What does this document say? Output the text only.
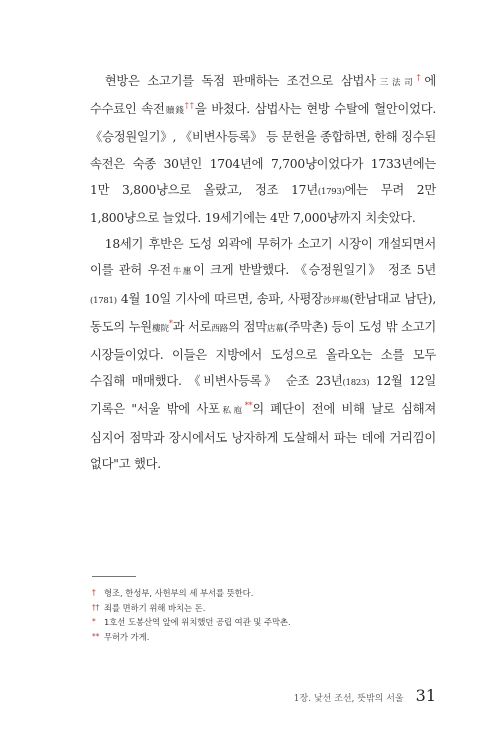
현방은 소고기를 독점 판매하는 조건으로 삼법사三法司†에 수수료인 속전贖錢††을 바쳤다. 삼법사는 현방 수탈에 혈안이었다. 《승정원일기》, 《비변사등록》 등 문헌을 종합하면, 한해 징수된 속전은 숙종 30년인 1704년에 7,700냥이었다가 1733년에는 1만 3,800냥으로 올랐고, 정조 17년(1793)에는 무려 2만 1,800냥으로 늘었다. 19세기에는 4만 7,000냥까지 치솟았다.

18세기 후반은 도성 외곽에 무허가 소고기 시장이 개설되면서 이를 관허 우전牛廛이 크게 반발했다. 《승정원일기》 정조 5년(1781) 4월 10일 기사에 따르면, 송파, 사평장沙坪場(한남대교 남단), 동도의 누원樓院*과 서로西路의 점막店幕(주막촌) 등이 도성 밖 소고기 시장들이었다. 이들은 지방에서 도성으로 올라오는 소를 모두 수집해 매매했다. 《비변사등록》 순조 23년(1823) 12월 12일 기록은 "서울 밖에 사포私庖**의 폐단이 전에 비해 날로 심해져 심지어 점막과 장시에서도 낭자하게 도살해서 파는 데에 거리낌이 없다"고 했다.

† 형조, 한성부, 사헌부의 세 부서를 뜻한다.
†† 죄를 면하기 위해 바치는 돈.
* 1호선 도봉산역 앞에 위치했던 공립 여관 및 주막촌.
** 무허가 가게.
1장. 낯선 조선, 뜻밖의 서울 31
